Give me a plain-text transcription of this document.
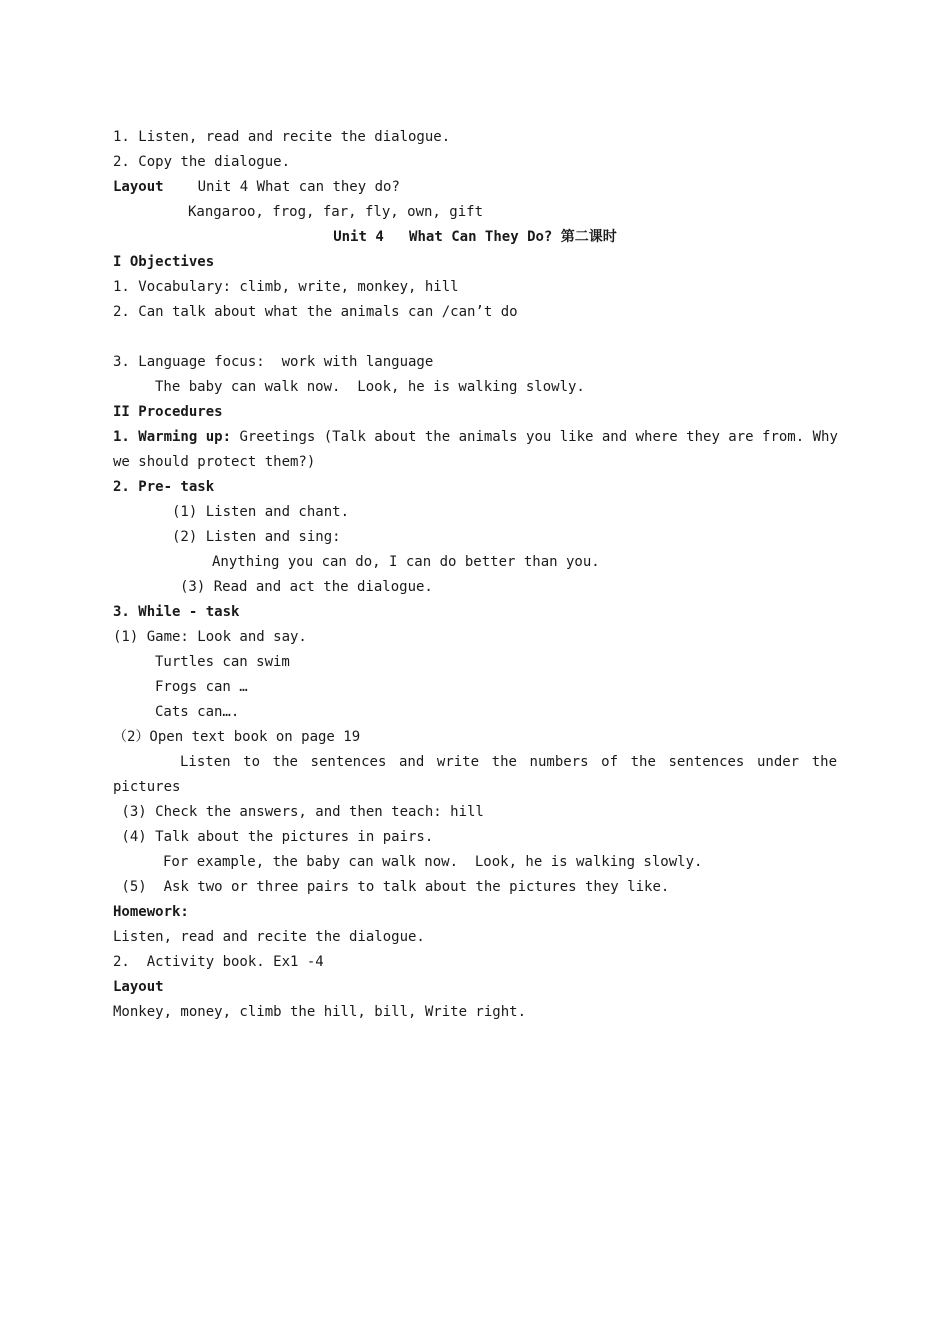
1. Listen, read and recite the dialogue.
2. Copy the dialogue.
Layout Unit 4 What can they do?
Kangaroo, frog, far, fly, own, gift
Unit 4   What Can They Do? 第二课时
I Objectives
1. Vocabulary: climb, write, monkey, hill
2. Can talk about what the animals can /can’t do
3. Language focus:  work with language
The baby can walk now.  Look, he is walking slowly.
II Procedures
1. Warming up: Greetings (Talk about the animals you like and where they are from. Why
we should protect them?)
2. Pre- task
(1) Listen and chant.
(2) Listen and sing:
Anything you can do, I can do better than you.
(3) Read and act the dialogue.
3. While - task
(1) Game: Look and say.
Turtles can swim
Frogs can …
Cats can….
（2）Open text book on page 19
Listen to the sentences and write the numbers of the sentences under the
pictures
(3) Check the answers, and then teach: hill
(4) Talk about the pictures in pairs.
For example, the baby can walk now.  Look, he is walking slowly.
(5)  Ask two or three pairs to talk about the pictures they like.
Homework:
Listen, read and recite the dialogue.
2.  Activity book. Ex1 -4
Layout
Monkey, money, climb the hill, bill, Write right.
